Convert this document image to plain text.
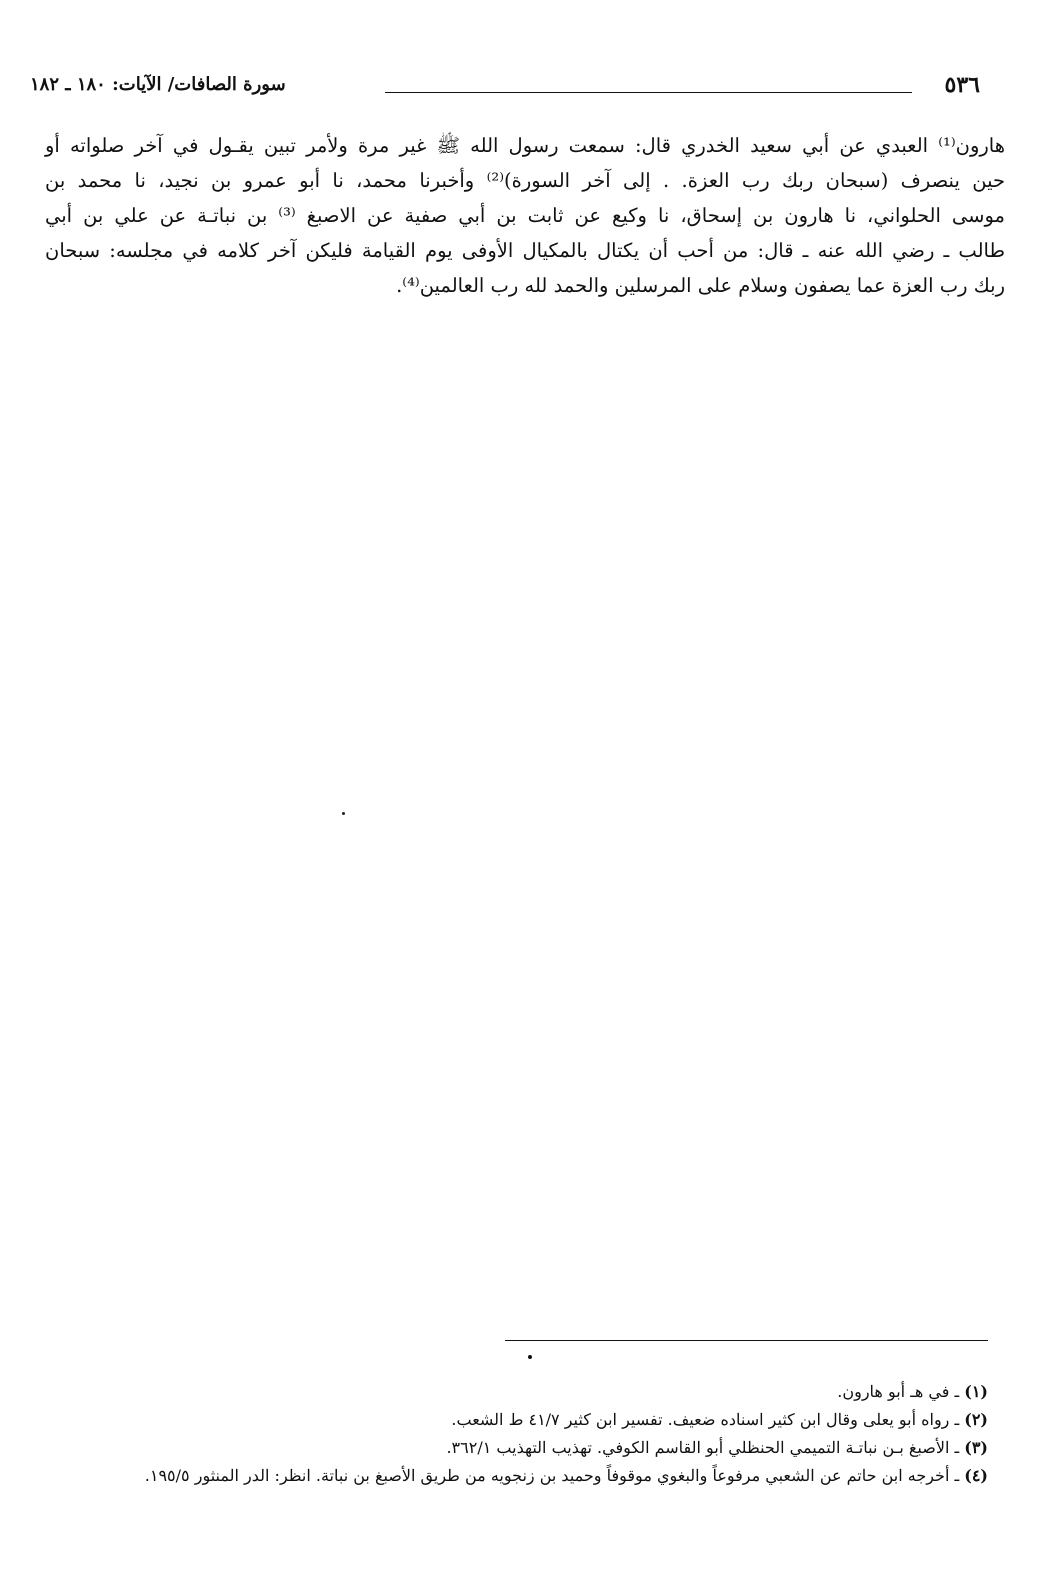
٥٣٦
سورة الصافات/ الآيات: ١٨٠ ـ ١٨٢
هارون⁽¹⁾ العبدي عن أبي سعيد الخدري قال: سمعت رسول الله ﷺ غير مرة ولأمر تبين يقـول في آخر صلواته أو
حين ينصرف (سبحان ربك رب العزة. . إلى آخر السورة)⁽²⁾ وأخبرنا محمد، نا أبو عمرو بن نجيد، نا محمد بن
موسى الحلواني، نا هارون بن إسحاق، نا وكيع عن ثابت بن أبي صفية عن الاصبغ ⁽³⁾ بن نباتـة عن علي بن أبي
طالب ـ رضي الله عنه ـ قال: من أحب أن يكتال بالمكيال الأوفى يوم القيامة فليكن آخر كلامه في مجلسه: سبحان
ربك رب العزة عما يصفون وسلام على المرسلين والحمد لله رب العالمين⁽⁴⁾.
(١) ـ في هـ أبو هارون.
(٢) ـ رواه أبو يعلى وقال ابن كثير اسناده ضعيف. تفسير ابن كثير ٤١/٧ ط الشعب.
(٣) ـ الأصبغ بـن نباتـة التميمي الحنظلي أبو القاسم الكوفي. تهذيب التهذيب ٣٦٢/١.
(٤) ـ أخرجه ابن حاتم عن الشعبي مرفوعاً والبغوي موقوفاً وحميد بن زنجويه من طريق الأصبغ بن نباتة. انظر: الدر المنثور ١٩٥/٥.
